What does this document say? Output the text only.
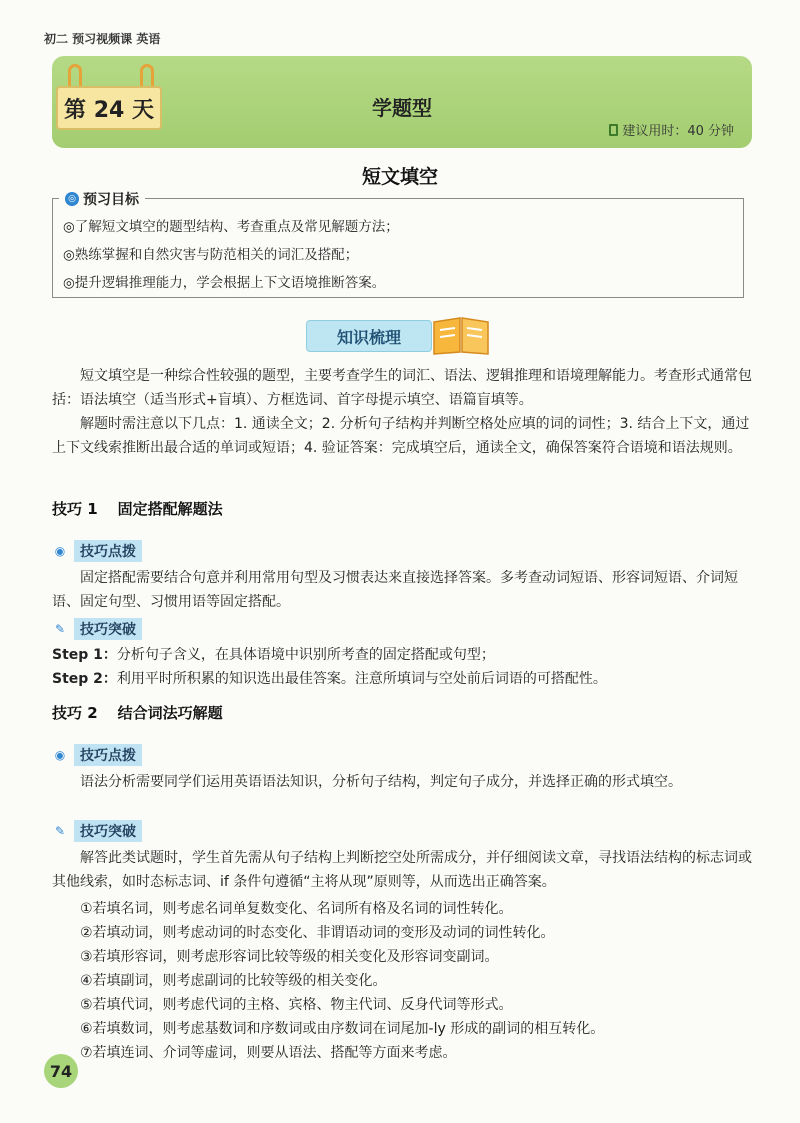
初二 预习视频课 英语
第 24 天	学题型
建议用时：40 分钟
短文填空
◎ 预习目标
◎了解短文填空的题型结构、考查重点及常见解题方法；
◎熟练掌握和自然灾害与防范相关的词汇及搭配；
◎提升逻辑推理能力，学会根据上下文语境推断答案。
知识梳理
短文填空是一种综合性较强的题型，主要考查学生的词汇、语法、逻辑推理和语境理解能力。考查形式通常包括：语法填空（适当形式+盲填）、方框选词、首字母提示填空、语篇盲填等。
解题时需注意以下几点：1. 通读全文；2. 分析句子结构并判断空格处应填的词的词性；3. 结合上下文，通过上下文线索推断出最合适的单词或短语；4. 验证答案：完成填空后，通读全文，确保答案符合语境和语法规则。
技巧 1 固定搭配解题法
◉	技巧点拨
固定搭配需要结合句意并利用常用句型及习惯表达来直接选择答案。多考查动词短语、形容词短语、介词短语、固定句型、习惯用语等固定搭配。
✎	技巧突破
Step 1：分析句子含义，在具体语境中识别所考查的固定搭配或句型；
Step 2：利用平时所积累的知识选出最佳答案。注意所填词与空处前后词语的可搭配性。
技巧 2 结合词法巧解题
◉	技巧点拨
语法分析需要同学们运用英语语法知识，分析句子结构，判定句子成分，并选择正确的形式填空。
✎	技巧突破
解答此类试题时，学生首先需从句子结构上判断挖空处所需成分，并仔细阅读文章，寻找语法结构的标志词或其他线索，如时态标志词、if 条件句遵循“主将从现”原则等，从而选出正确答案。
①若填名词，则考虑名词单复数变化、名词所有格及名词的词性转化。
②若填动词，则考虑动词的时态变化、非谓语动词的变形及动词的词性转化。
③若填形容词，则考虑形容词比较等级的相关变化及形容词变副词。
④若填副词，则考虑副词的比较等级的相关变化。
⑤若填代词，则考虑代词的主格、宾格、物主代词、反身代词等形式。
⑥若填数词，则考虑基数词和序数词或由序数词在词尾加-ly 形成的副词的相互转化。
⑦若填连词、介词等虚词，则要从语法、搭配等方面来考虑。
74
